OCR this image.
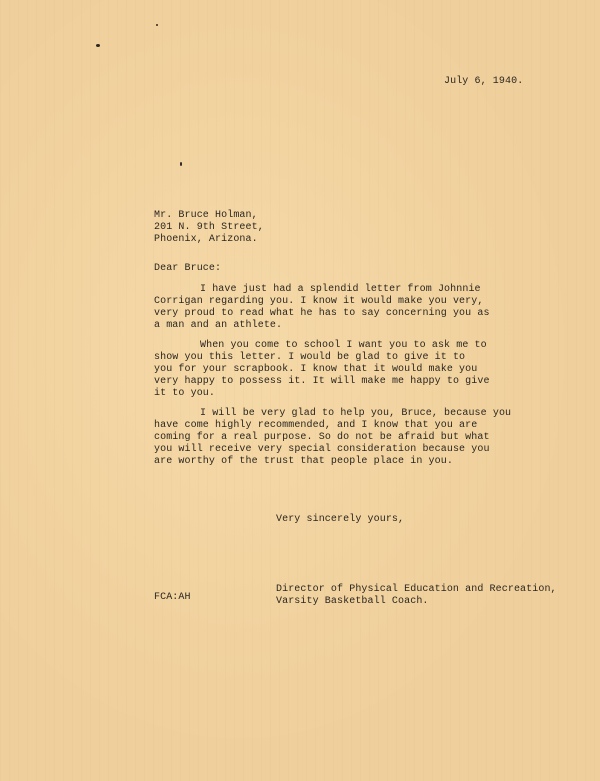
July 6, 1940.

Mr. Bruce Holman,
201 N. 9th Street,
Phoenix, Arizona.

Dear Bruce:

I have just had a splendid letter from Johnnie
Corrigan regarding you. I know it would make you very,
very proud to read what he has to say concerning you as
a man and an athlete.
When you come to school I want you to ask me to
show you this letter. I would be glad to give it to
you for your scrapbook. I know that it would make you
very happy to possess it. It will make me happy to give
it to you.
I will be very glad to help you, Bruce, because you
have come highly recommended, and I know that you are
coming for a real purpose. So do not be afraid but what
you will receive very special consideration because you
are worthy of the trust that people place in you.

Very sincerely yours,

FCA:AH

Director of Physical Education and Recreation,
Varsity Basketball Coach.
